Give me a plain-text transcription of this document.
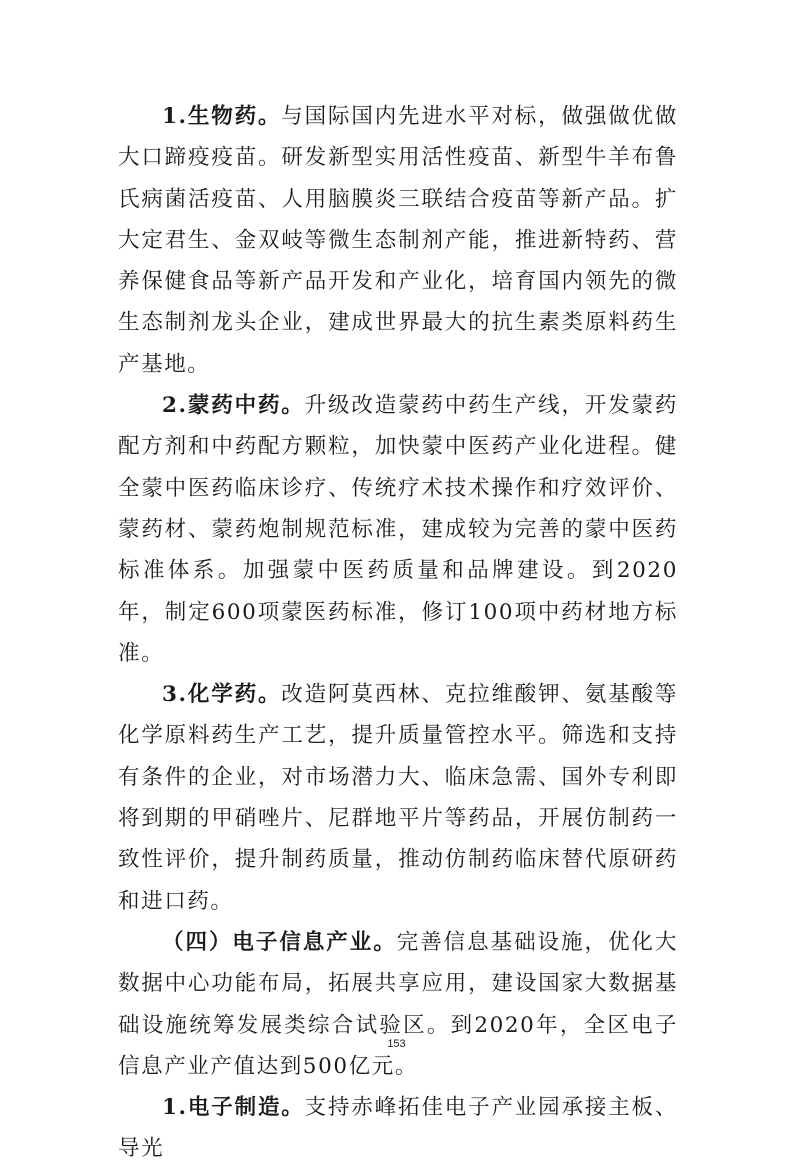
1.生物药。与国际国内先进水平对标，做强做优做大口蹄疫疫苗。研发新型实用活性疫苗、新型牛羊布鲁氏病菌活疫苗、人用脑膜炎三联结合疫苗等新产品。扩大定君生、金双岐等微生态制剂产能，推进新特药、营养保健食品等新产品开发和产业化，培育国内领先的微生态制剂龙头企业，建成世界最大的抗生素类原料药生产基地。

2.蒙药中药。升级改造蒙药中药生产线，开发蒙药配方剂和中药配方颗粒，加快蒙中医药产业化进程。健全蒙中医药临床诊疗、传统疗术技术操作和疗效评价、蒙药材、蒙药炮制规范标准，建成较为完善的蒙中医药标准体系。加强蒙中医药质量和品牌建设。到2020年，制定600项蒙医药标准，修订100项中药材地方标准。

3.化学药。改造阿莫西林、克拉维酸钾、氨基酸等化学原料药生产工艺，提升质量管控水平。筛选和支持有条件的企业，对市场潜力大、临床急需、国外专利即将到期的甲硝唑片、尼群地平片等药品，开展仿制药一致性评价，提升制药质量，推动仿制药临床替代原研药和进口药。

（四）电子信息产业。完善信息基础设施，优化大数据中心功能布局，拓展共享应用，建设国家大数据基础设施统筹发展类综合试验区。到2020年，全区电子信息产业产值达到500亿元。

1.电子制造。支持赤峰拓佳电子产业园承接主板、导光

153
